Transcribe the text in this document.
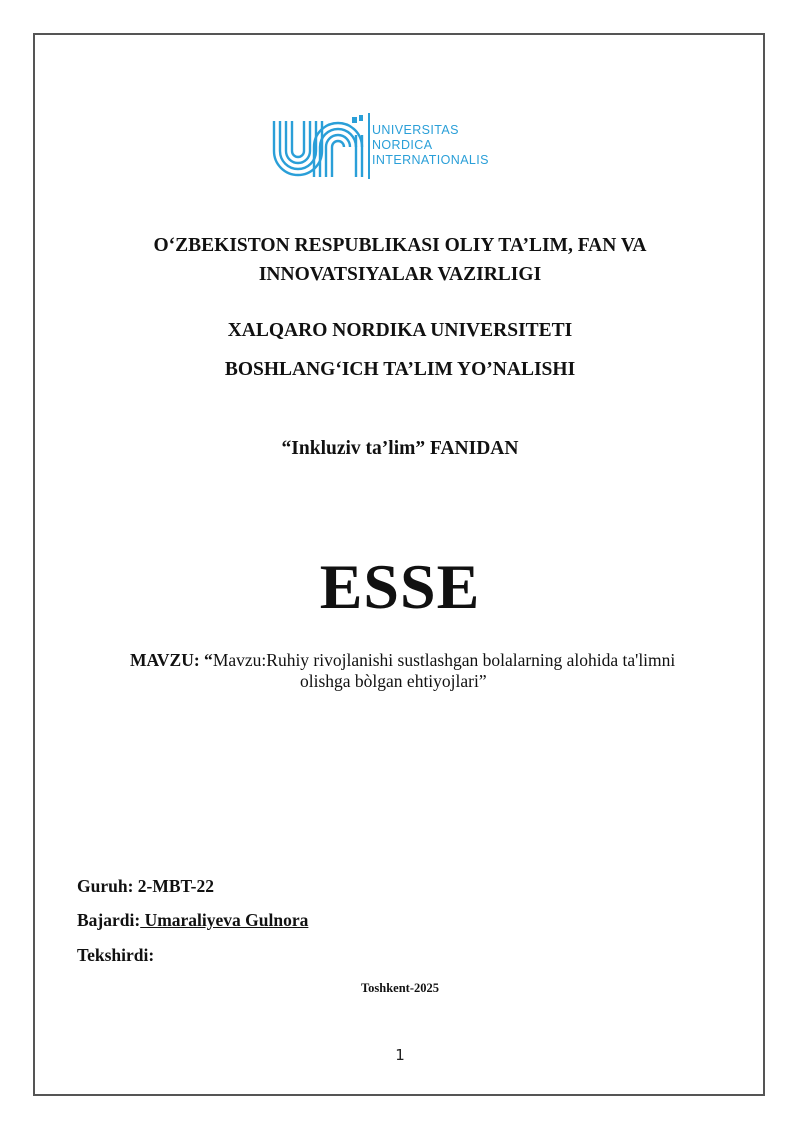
UNIVERSITAS
NORDICA
INTERNATIONALIS
O‘ZBEKISTON RESPUBLIKASI OLIY TA’LIM, FAN VA
INNOVATSIYALAR VAZIRLIGI
XALQARO NORDIKA UNIVERSITETI
BOSHLANG‘ICH TA’LIM YO’NALISHI
“Inkluziv ta’lim” FANIDAN
ESSE
MAVZU: “Mavzu:Ruhiy rivojlanishi sustlashgan bolalarning alohida ta'limni
olishga bòlgan ehtiyojlari”
Guruh: 2-MBT-22
Bajardi: Umaraliyeva Gulnora
Tekshirdi:
Toshkent-2025
1
